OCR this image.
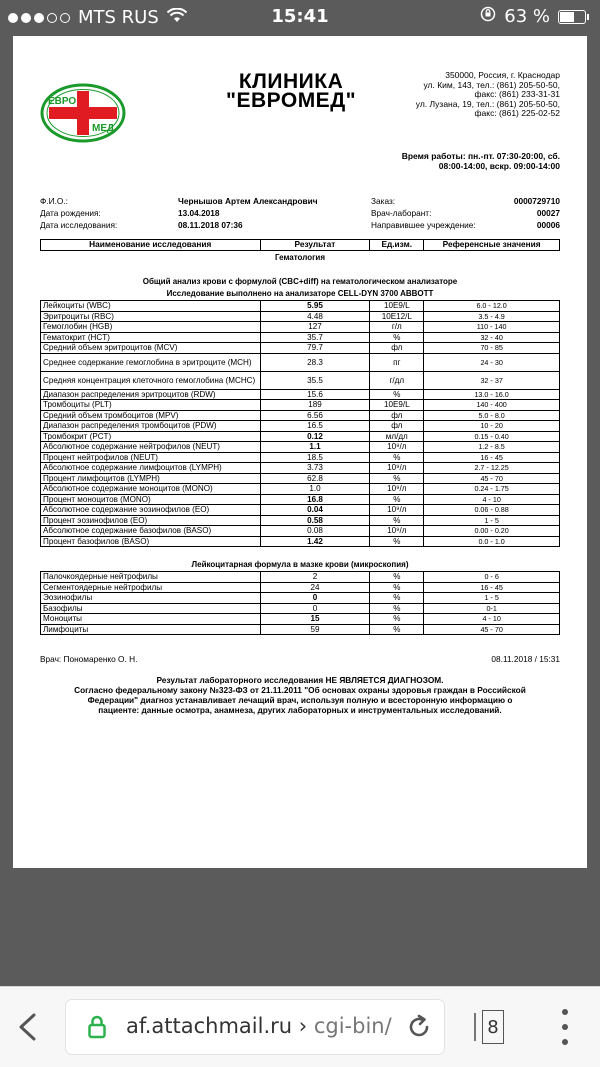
MTS RUS	15:41	63 %
ЕВРО
МЕД
КЛИНИКА
"ЕВРОМЕД"
350000, Россия, г. Краснодар
ул. Ким, 143, тел.: (861) 205-50-50,
факс: (861) 233-31-31
ул. Лузана, 19, тел.: (861) 205-50-50,
факс: (861) 225-02-52
Время работы: пн.-пт. 07:30-20:00, сб.
08:00-14:00, вскр. 09:00-14:00
Ф.И.О.:	Чернышов Артем Александрович	Заказ:	0000729710
Дата рождения:	13.04.2018	Врач-лаборант:	00027
Дата исследования:	08.11.2018 07:36	Направившее учреждение:	00006
Наименование исследования	Результат	Ед.изм.	Референсные значения
Гематология
Общий анализ крови с формулой (CBC+diff) на гематологическом анализаторе
Исследование выполнено на анализаторе CELL-DYN 3700 ABBOTT
Лейкоциты (WBC)	5.95	10E9/L	6.0 - 12.0
Эритроциты (RBC)	4.48	10E12/L	3.5 - 4.9
Гемоглобин (HGB)	127	г/л	110 - 140
Гематокрит (HCT)	35.7	%	32 - 40
Средний объем эритроцитов (MCV)	79.7	фл	70 - 85
Среднее содержание гемоглобина в эритроците (MCH)	28.3	пг	24 - 30
Средняя концентрация клеточного гемоглобина (MCHC)	35.5	г/дл	32 - 37
Диапазон распределения эритроцитов (RDW)	15.6	%	13.0 - 16.0
Тромбоциты (PLT)	189	10E9/L	140 - 400
Средний объем тромбоцитов (MPV)	6.56	фл	5.0 - 8.0
Диапазон распределения тромбоцитов (PDW)	16.5	фл	10 - 20
Тромбокрит (PCT)	0.12	мл/дл	0.15 - 0.40
Абсолютное содержание нейтрофилов (NEUT)	1.1	10⁹/л	1.2 - 8.5
Процент нейтрофилов (NEUT)	18.5	%	16 - 45
Абсолютное содержание лимфоцитов (LYMPH)	3.73	10⁹/л	2.7 - 12.25
Процент лимфоцитов (LYMPH)	62.8	%	45 - 70
Абсолютное содержание моноцитов (MONO)	1.0	10⁹/л	0.24 - 1.75
Процент моноцитов (MONO)	16.8	%	4 - 10
Абсолютное содержание эозинофилов (EO)	0.04	10⁹/л	0.06 - 0.88
Процент эозинофилов (EO)	0.58	%	1 - 5
Абсолютное содержание базофилов (BASO)	0.08	10⁹/л	0.00 - 0.20
Процент базофилов (BASO)	1.42	%	0.0 - 1.0
Лейкоцитарная формула в мазке крови (микроскопия)
Палочкоядерные нейтрофилы	2	%	0 - 6
Сегментоядерные нейтрофилы	24	%	16 - 45
Эозинофилы	0	%	1 - 5
Базофилы	0	%	0-1
Моноциты	15	%	4 - 10
Лимфоциты	59	%	45 - 70
Врач: Пономаренко О. Н.	08.11.2018 / 15:31
Результат лабораторного исследования НЕ ЯВЛЯЕТСЯ ДИАГНОЗОМ.
Согласно федеральному закону №323-ФЗ от 21.11.2011 "Об основах охраны здоровья граждан в Российской
Федерации" диагноз устанавливает лечащий врач, используя полную и всесторонную информацию о
пациенте: данные осмотра, анамнеза, других лабораторных и инструментальных исследований.
af.attachmail.ru › cgi-bin/	8
